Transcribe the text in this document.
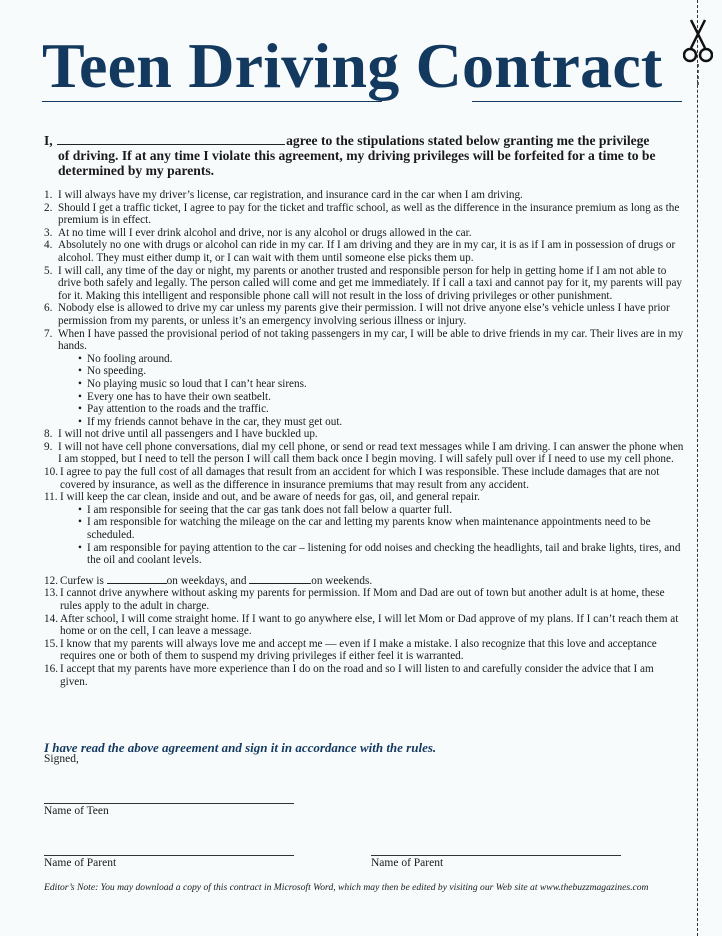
Teen Driving Contract
I,	agree to the stipulations stated below granting me the privilege
of driving. If at any time I violate this agreement, my driving privileges will be forfeited for a time to be determined by my parents.

1. I will always have my driver’s license, car registration, and insurance card in the car when I am driving.

2. Should I get a traffic ticket, I agree to pay for the ticket and traffic school, as well as the difference in the insurance premium as long as the premium is in effect.

3. At no time will I ever drink alcohol and drive, nor is any alcohol or drugs allowed in the car.

4. Absolutely no one with drugs or alcohol can ride in my car. If I am driving and they are in my car, it is as if I am in possession of drugs or alcohol. They must either dump it, or I can wait with them until someone else picks them up.

5. I will call, any time of the day or night, my parents or another trusted and responsible person for help in getting home if I am not able to drive both safely and legally. The person called will come and get me immediately. If I call a taxi and cannot pay for it, my parents will pay for it. Making this intelligent and responsible phone call will not result in the loss of driving privileges or other punishment.

6. Nobody else is allowed to drive my car unless my parents give their permission. I will not drive anyone else’s vehicle unless I have prior permission from my parents, or unless it’s an emergency involving serious illness or injury.

7. When I have passed the provisional period of not taking passengers in my car, I will be able to drive friends in my car. Their lives are in my hands.

• No fooling around.
• No speeding.
• No playing music so loud that I can’t hear sirens.
• Every one has to have their own seatbelt.
• Pay attention to the roads and the traffic.
• If my friends cannot behave in the car, they must get out.

8. I will not drive until all passengers and I have buckled up.

9. I will not have cell phone conversations, dial my cell phone, or send or read text messages while I am driving. I can answer the phone when I am stopped, but I need to tell the person I will call them back once I begin moving. I will safely pull over if I need to use my cell phone.

10. I agree to pay the full cost of all damages that result from an accident for which I was responsible. These include damages that are not covered by insurance, as well as the difference in insurance premiums that may result from any accident.

11. I will keep the car clean, inside and out, and be aware of needs for gas, oil, and general repair.

• I am responsible for seeing that the car gas tank does not fall below a quarter full.
• I am responsible for watching the mileage on the car and letting my parents know when maintenance appointments need to be scheduled.
• I am responsible for paying attention to the car – listening for odd noises and checking the headlights, tail and brake lights, tires, and the oil and coolant levels.

12. Curfew is	on weekdays, and	on weekends.

13. I cannot drive anywhere without asking my parents for permission. If Mom and Dad are out of town but another adult is at home, these rules apply to the adult in charge.

14. After school, I will come straight home. If I want to go anywhere else, I will let Mom or Dad approve of my plans. If I can’t reach them at home or on the cell, I can leave a message.

15. I know that my parents will always love me and accept me — even if I make a mistake. I also recognize that this love and acceptance requires one or both of them to suspend my driving privileges if either feel it is warranted.

16. I accept that my parents have more experience than I do on the road and so I will listen to and carefully consider the advice that I am given.

I have read the above agreement and sign it in accordance with the rules.
Signed,
Name of Teen
Name of Parent	Name of Parent
Editor’s Note: You may download a copy of this contract in Microsoft Word, which may then be edited by visiting our Web site at www.thebuzzmagazines.com
